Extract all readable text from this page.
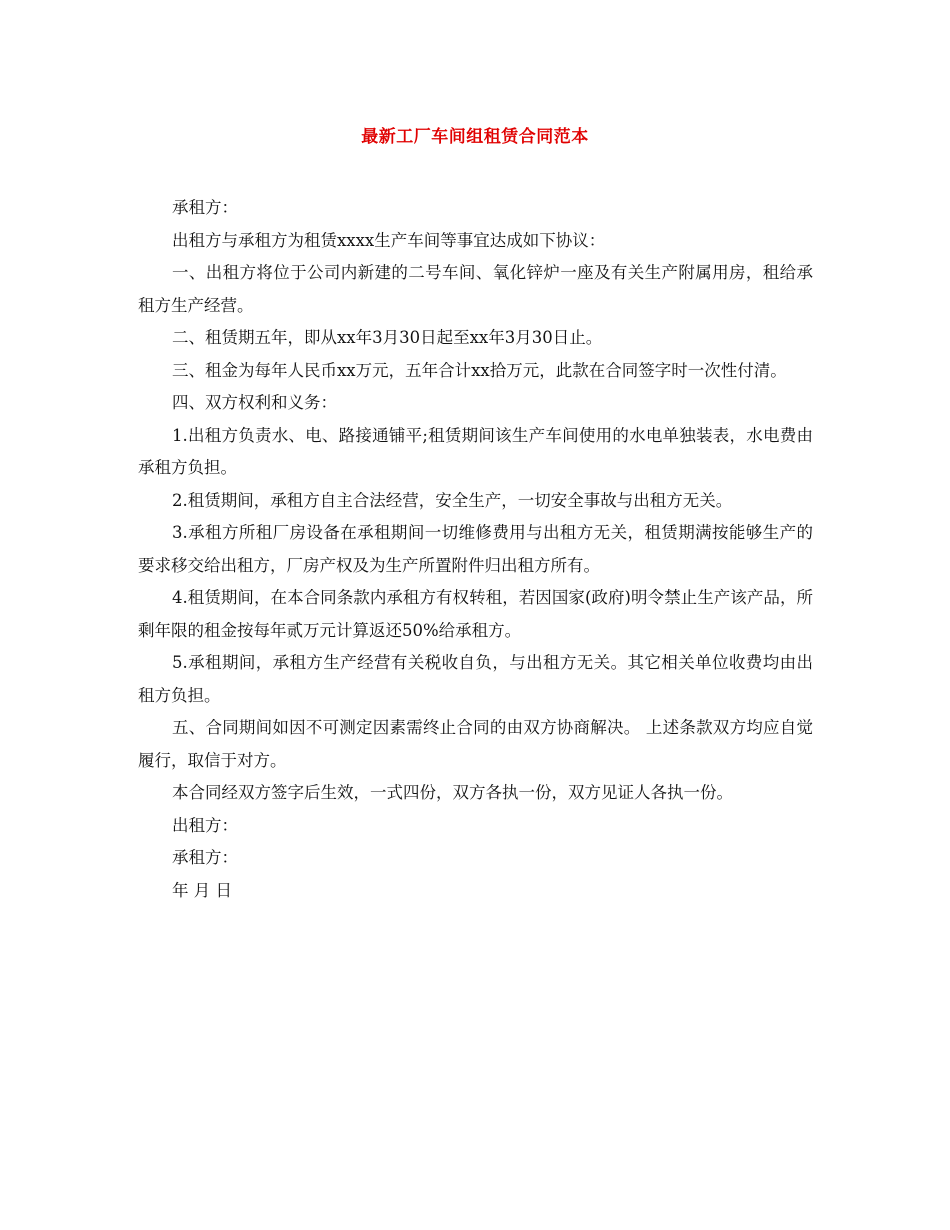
最新工厂车间组租赁合同范本

承租方：

出租方与承租方为租赁xxxx生产车间等事宜达成如下协议：

一、出租方将位于公司内新建的二号车间、氧化锌炉一座及有关生产附属用房，租给承租方生产经营。

二、租赁期五年，即从xx年3月30日起至xx年3月30日止。

三、租金为每年人民币xx万元，五年合计xx拾万元，此款在合同签字时一次性付清。

四、双方权利和义务：

1.出租方负责水、电、路接通铺平;租赁期间该生产车间使用的水电单独装表，水电费由承租方负担。

2.租赁期间，承租方自主合法经营，安全生产，一切安全事故与出租方无关。

3.承租方所租厂房设备在承租期间一切维修费用与出租方无关，租赁期满按能够生产的要求移交给出租方，厂房产权及为生产所置附件归出租方所有。

4.租赁期间，在本合同条款内承租方有权转租，若因国家(政府)明令禁止生产该产品，所剩年限的租金按每年贰万元计算返还50%给承租方。

5.承租期间，承租方生产经营有关税收自负，与出租方无关。其它相关单位收费均由出租方负担。

五、合同期间如因不可测定因素需终止合同的由双方协商解决。 上述条款双方均应自觉履行，取信于对方。

本合同经双方签字后生效，一式四份，双方各执一份，双方见证人各执一份。

出租方：

承租方：

年 月 日
